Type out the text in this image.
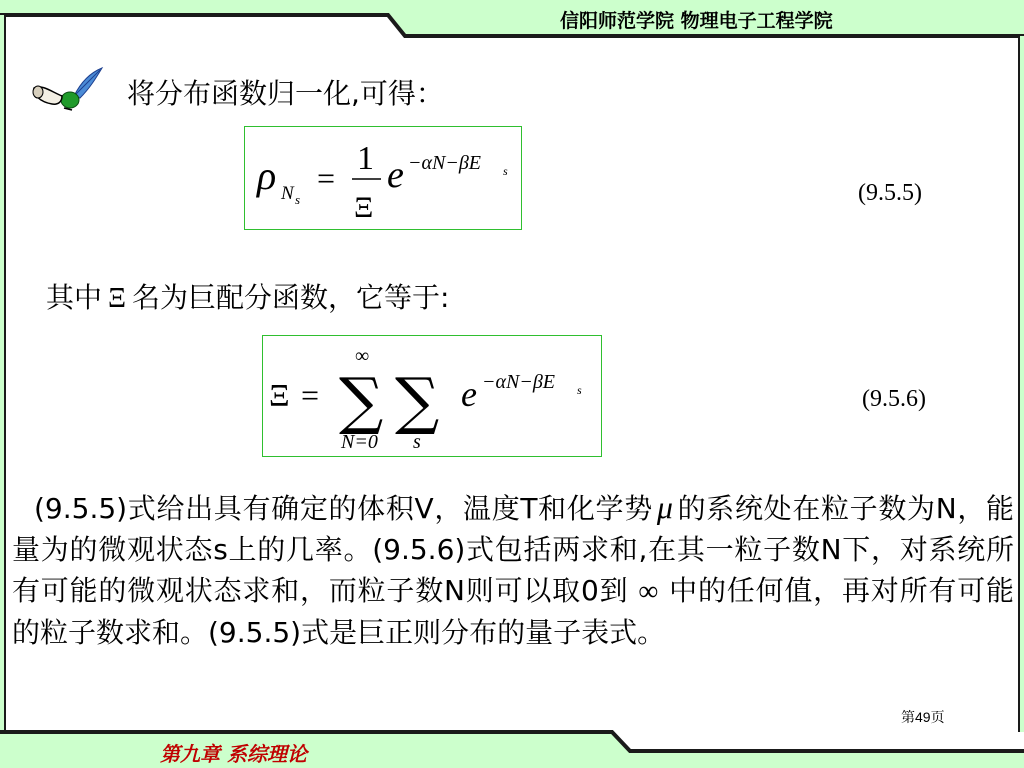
信阳师范学院 物理电子工程学院
将分布函数归一化,可得：
ρ N s
=
1
Ξ
e −αN−βE s
(9.5.5)
其中 Ξ 名为巨配分函数，它等于:
Ξ =
∞
∑
N=0
∑
s
e −αN−βE s	(9.5.6)
(9.5.5)式给出具有确定的体积V，温度T和化学势 μ 的系统处在粒子数为N，能量为的微观状态s上的几率。(9.5.6)式包括两求和,在其一粒子数N下，对系统所有可能的微观状态求和，而粒子数N则可以取0到 ∞ 中的任何值，再对所有可能的粒子数求和。(9.5.5)式是巨正则分布的量子表式。
第49页
第九章 系综理论
